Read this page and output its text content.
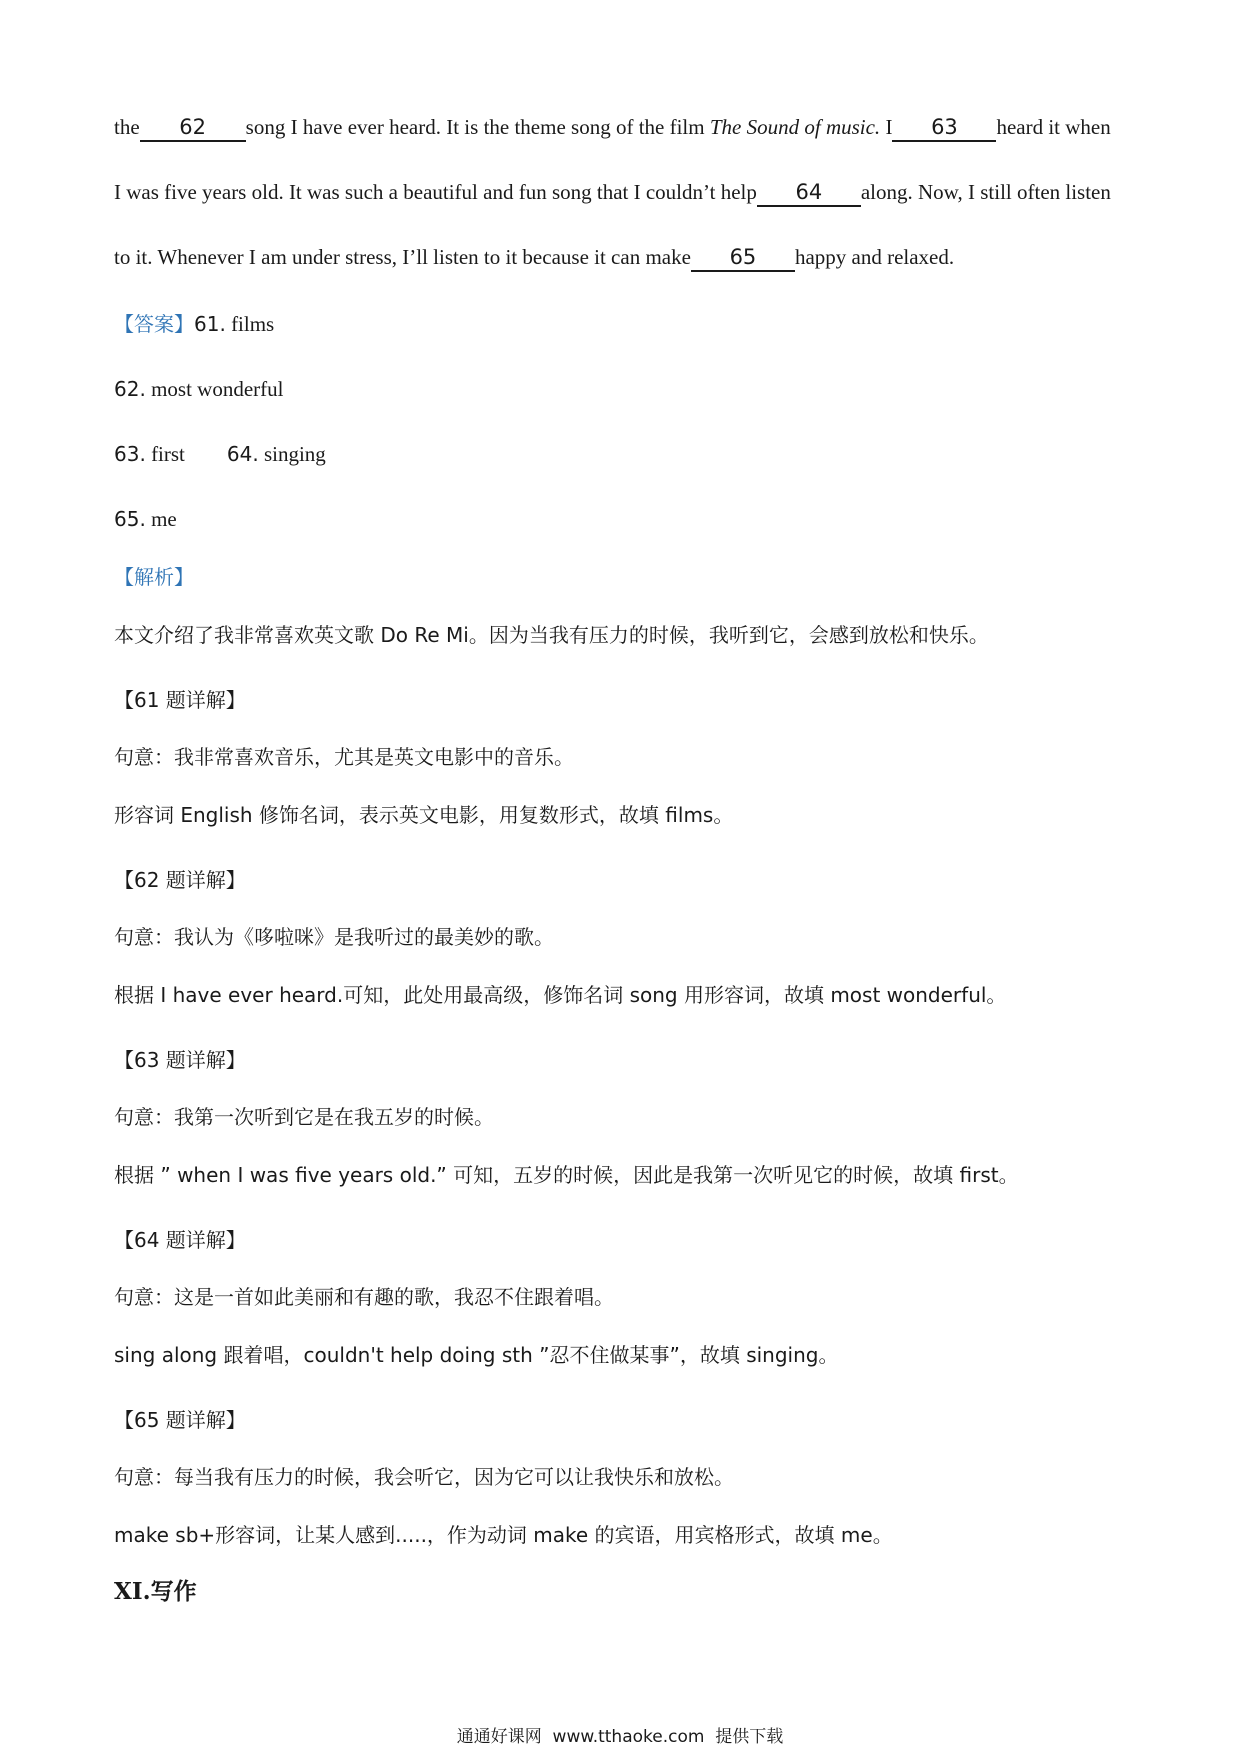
the 62 song I have ever heard. It is the theme song of the film The Sound of music. I 63 heard it when
I was five years old. It was such a beautiful and fun song that I couldn’t help 64 along. Now, I still often listen
to it. Whenever I am under stress, I’ll listen to it because it can make 65 happy and relaxed.
【答案】61. films
62. most wonderful
63. first 64. singing
65. me
【解析】
本文介绍了我非常喜欢英文歌 Do Re Mi。因为当我有压力的时候，我听到它，会感到放松和快乐。
【61 题详解】
句意：我非常喜欢音乐，尤其是英文电影中的音乐。
形容词 English 修饰名词，表示英文电影，用复数形式，故填 films。
【62 题详解】
句意：我认为《哆啦咪》是我听过的最美妙的歌。
根据 I have ever heard.可知，此处用最高级，修饰名词 song 用形容词，故填 most wonderful。
【63 题详解】
句意：我第一次听到它是在我五岁的时候。
根据 ” when I was five years old.” 可知，五岁的时候，因此是我第一次听见它的时候，故填 first。
【64 题详解】
句意：这是一首如此美丽和有趣的歌，我忍不住跟着唱。
sing along 跟着唱，couldn't help doing sth ”忍不住做某事”，故填 singing。
【65 题详解】
句意：每当我有压力的时候，我会听它，因为它可以让我快乐和放松。
make sb+形容词，让某人感到.....，作为动词 make 的宾语，用宾格形式，故填 me。
XI.写作
通通好课网  www.tthaoke.com  提供下载
